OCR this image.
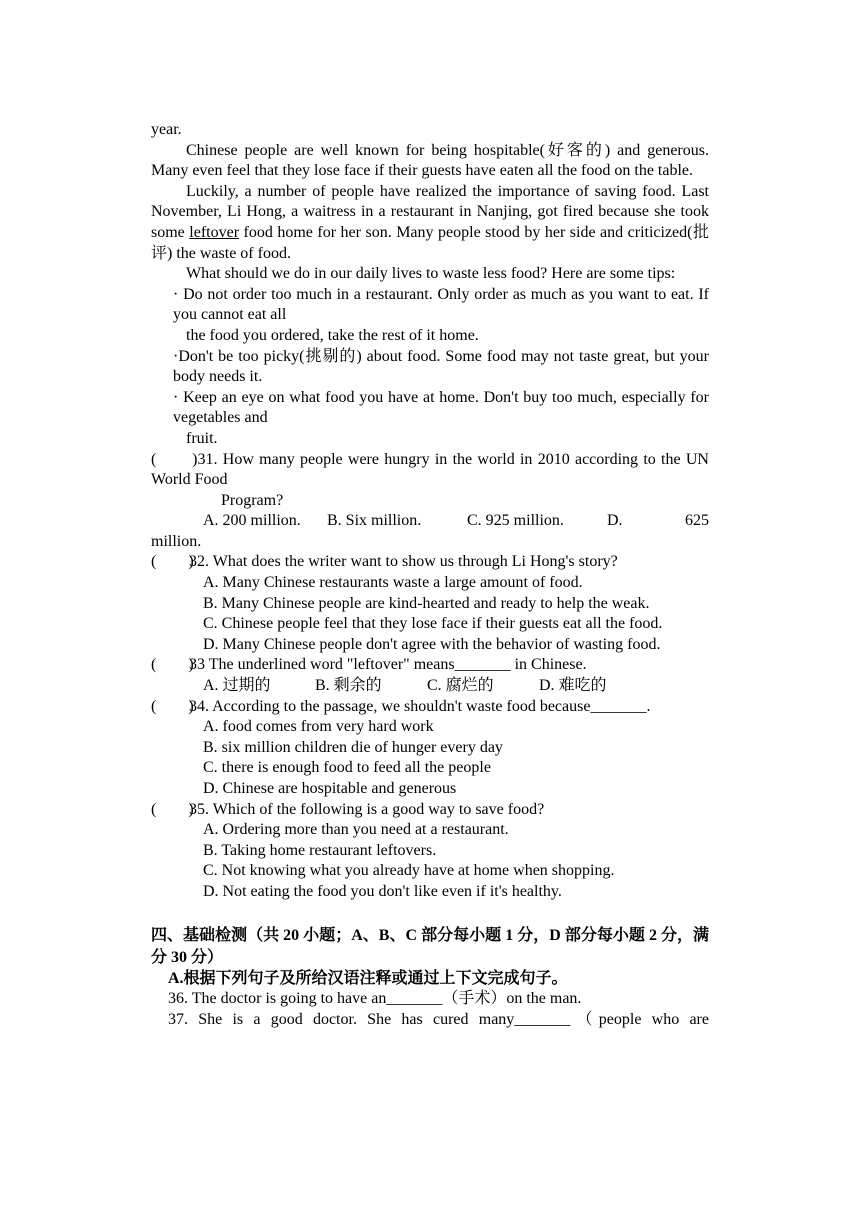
year.

Chinese people are well known for being hospitable(好客的) and generous. Many even feel that they lose face if their guests have eaten all the food on the table.

Luckily, a number of people have realized the importance of saving food. Last November, Li Hong, a waitress in a restaurant in Nanjing, got fired because she took some leftover food home for her son. Many people stood by her side and criticized(批评) the waste of food.

What should we do in our daily lives to waste less food? Here are some tips:

· Do not order too much in a restaurant. Only order as much as you want to eat. If you cannot eat all

the food you ordered, take the rest of it home.

·Don't be too picky(挑剔的) about food. Some food may not taste great, but your body needs it.

· Keep an eye on what food you have at home. Don't buy too much, especially for vegetables and

fruit.
(　　)31. How many people were hungry in the world in 2010 according to the UN World Food
Program?
A. 200 million.	B. Six million.	C. 925 million.	D.	625
million.
(　　)
32. What does the writer want to show us through Li Hong's story?
A. Many Chinese restaurants waste a large amount of food.
B. Many Chinese people are kind-hearted and ready to help the weak.
C. Chinese people feel that they lose face if their guests eat all the food.
D. Many Chinese people don't agree with the behavior of wasting food.
(　　)
33 The underlined word "leftover" means_______ in Chinese.
A. 过期的	B. 剩余的	C. 腐烂的	D. 难吃的
(　　)
34. According to the passage, we shouldn't waste food because_______.
A. food comes from very hard work
B. six million children die of hunger every day
C. there is enough food to feed all the people
D. Chinese are hospitable and generous
(　　)
35. Which of the following is a good way to save food?
A. Ordering more than you need at a restaurant.
B. Taking home restaurant leftovers.
C. Not knowing what you already have at home when shopping.
D. Not eating the food you don't like even if it's healthy.
四、基础检测（共 20 小题；A、B、C 部分每小题 1 分，D 部分每小题 2 分，满分 30 分）
A.根据下列句子及所给汉语注释或通过上下文完成句子。
36. The doctor is going to have an_______（手术）on the man.
37. She is a good doctor. She has cured many_______（people who are
